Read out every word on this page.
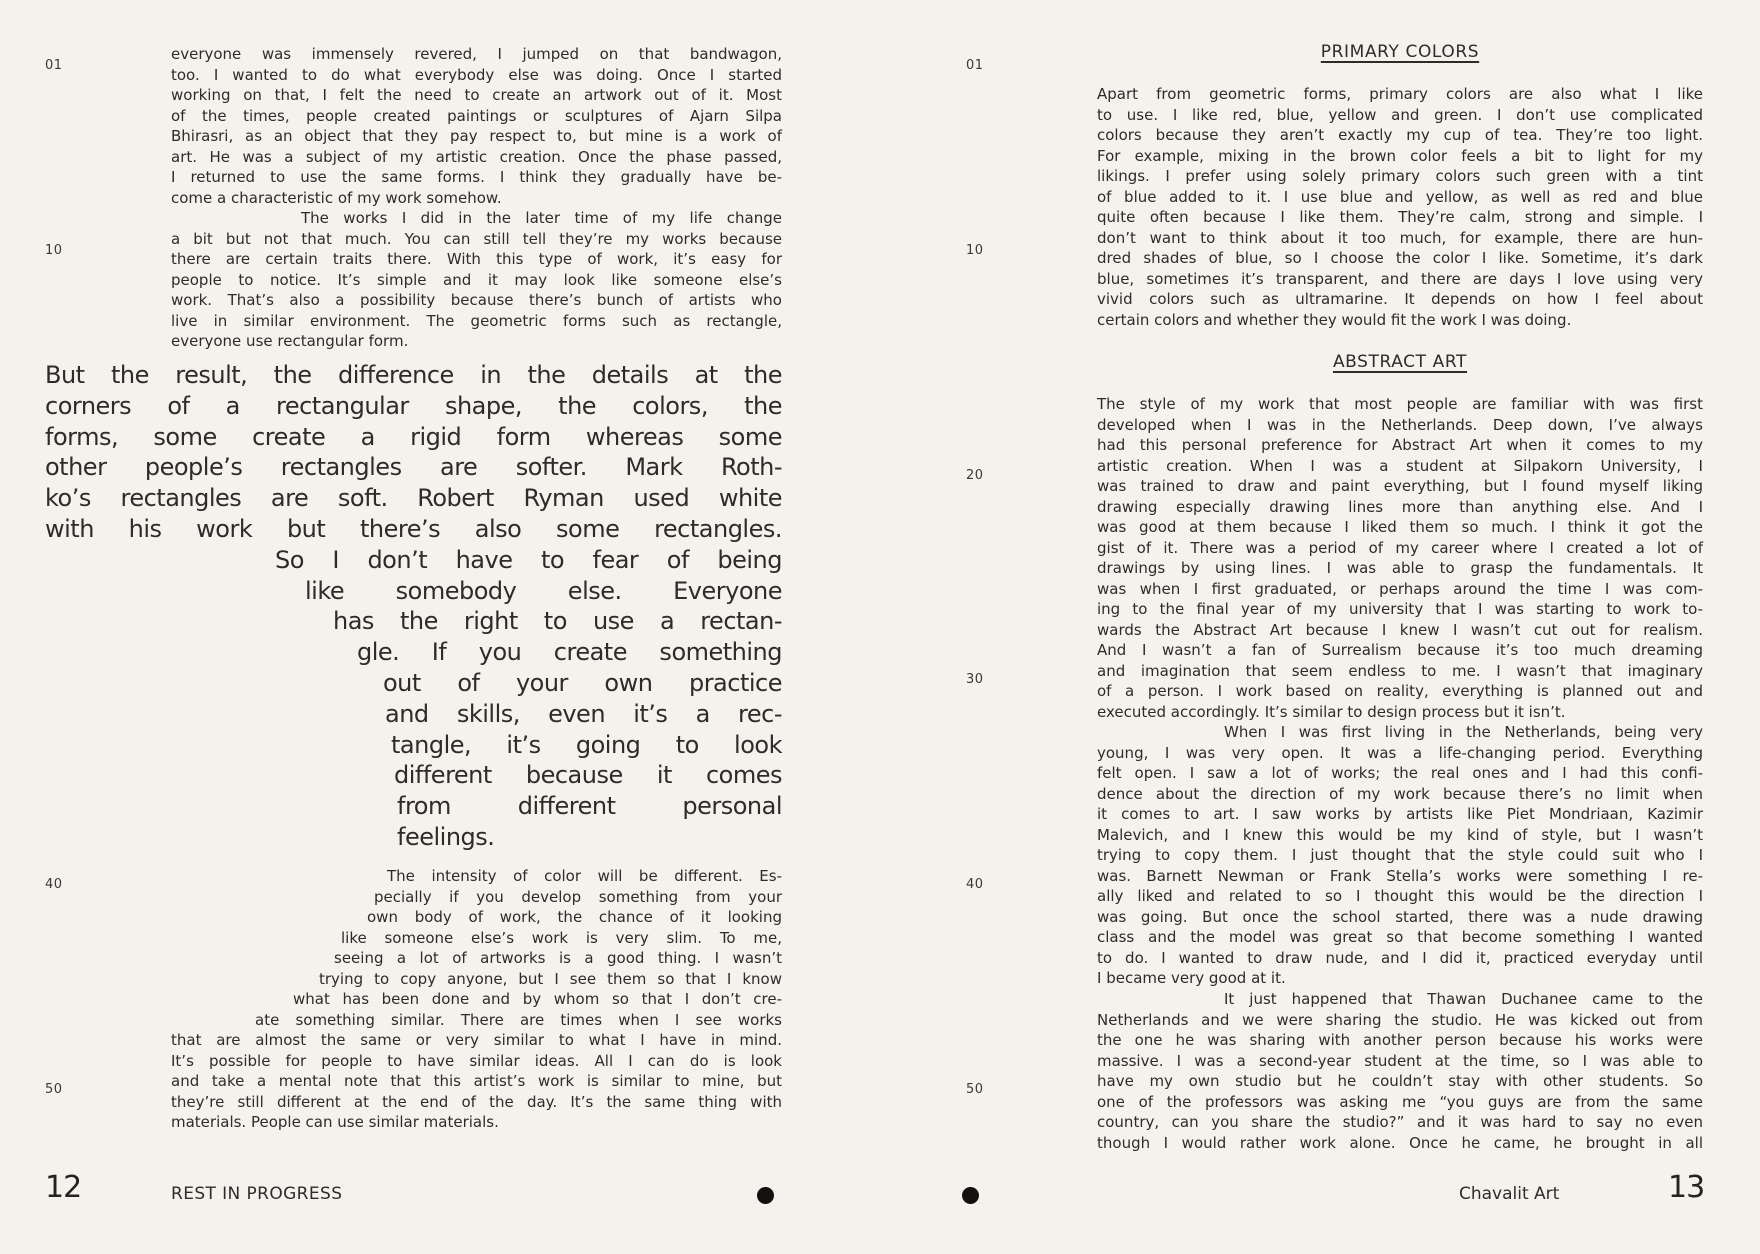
01
10
40
50
everyone was immensely revered, I jumped on that bandwagon,
too. I wanted to do what everybody else was doing. Once I started
working on that, I felt the need to create an artwork out of it. Most
of the times, people created paintings or sculptures of Ajarn Silpa
Bhirasri, as an object that they pay respect to, but mine is a work of
art. He was a subject of my artistic creation. Once the phase passed,
I returned to use the same forms. I think they gradually have be-
come a characteristic of my work somehow.
The works I did in the later time of my life change
a bit but not that much. You can still tell they’re my works because
there are certain traits there. With this type of work, it’s easy for
people to notice. It’s simple and it may look like someone else’s
work. That’s also a possibility because there’s bunch of artists who
live in similar environment. The geometric forms such as rectangle,
everyone use rectangular form.
But the result, the difference in the details at the
corners of a rectangular shape, the colors, the
forms, some create a rigid form whereas some
other people’s rectangles are softer. Mark Roth-
ko’s rectangles are soft. Robert Ryman used white
with his work but there’s also some rectangles.
So I don’t have to fear of being
like somebody else. Everyone
has the right to use a rectan-
gle. If you create something
out of your own practice
and skills, even it’s a rec-
tangle, it’s going to look
different because it comes
from different personal
feelings.
The intensity of color will be different. Es-
pecially if you develop something from your
own body of work, the chance of it looking
like someone else’s work is very slim. To me,
seeing a lot of artworks is a good thing. I wasn’t
trying to copy anyone, but I see them so that I know
what has been done and by whom so that I don’t cre-
ate something similar. There are times when I see works
that are almost the same or very similar to what I have in mind.
It’s possible for people to have similar ideas. All I can do is look
and take a mental note that this artist’s work is similar to mine, but
they’re still different at the end of the day. It’s the same thing with
materials. People can use similar materials.
12	REST IN PROGRESS
01
10
20
30
40
50
PRIMARY COLORS
Apart from geometric forms, primary colors are also what I like
to use. I like red, blue, yellow and green. I don’t use complicated
colors because they aren’t exactly my cup of tea. They’re too light.
For example, mixing in the brown color feels a bit to light for my
likings. I prefer using solely primary colors such green with a tint
of blue added to it. I use blue and yellow, as well as red and blue
quite often because I like them. They’re calm, strong and simple. I
don’t want to think about it too much, for example, there are hun-
dred shades of blue, so I choose the color I like. Sometime, it’s dark
blue, sometimes it’s transparent, and there are days I love using very
vivid colors such as ultramarine. It depends on how I feel about
certain colors and whether they would fit the work I was doing.
ABSTRACT ART
The style of my work that most people are familiar with was first
developed when I was in the Netherlands. Deep down, I’ve always
had this personal preference for Abstract Art when it comes to my
artistic creation. When I was a student at Silpakorn University, I
was trained to draw and paint everything, but I found myself liking
drawing especially drawing lines more than anything else. And I
was good at them because I liked them so much. I think it got the
gist of it. There was a period of my career where I created a lot of
drawings by using lines. I was able to grasp the fundamentals. It
was when I first graduated, or perhaps around the time I was com-
ing to the final year of my university that I was starting to work to-
wards the Abstract Art because I knew I wasn’t cut out for realism.
And I wasn’t a fan of Surrealism because it’s too much dreaming
and imagination that seem endless to me. I wasn’t that imaginary
of a person. I work based on reality, everything is planned out and
executed accordingly. It’s similar to design process but it isn’t.
When I was first living in the Netherlands, being very
young, I was very open. It was a life-changing period. Everything
felt open. I saw a lot of works; the real ones and I had this confi-
dence about the direction of my work because there’s no limit when
it comes to art. I saw works by artists like Piet Mondriaan, Kazimir
Malevich, and I knew this would be my kind of style, but I wasn’t
trying to copy them. I just thought that the style could suit who I
was. Barnett Newman or Frank Stella’s works were something I re-
ally liked and related to so I thought this would be the direction I
was going. But once the school started, there was a nude drawing
class and the model was great so that become something I wanted
to do. I wanted to draw nude, and I did it, practiced everyday until
I became very good at it.
It just happened that Thawan Duchanee came to the
Netherlands and we were sharing the studio. He was kicked out from
the one he was sharing with another person because his works were
massive. I was a second-year student at the time, so I was able to
have my own studio but he couldn’t stay with other students. So
one of the professors was asking me “you guys are from the same
country, can you share the studio?” and it was hard to say no even
though I would rather work alone. Once he came, he brought in all
Chavalit Art	13
